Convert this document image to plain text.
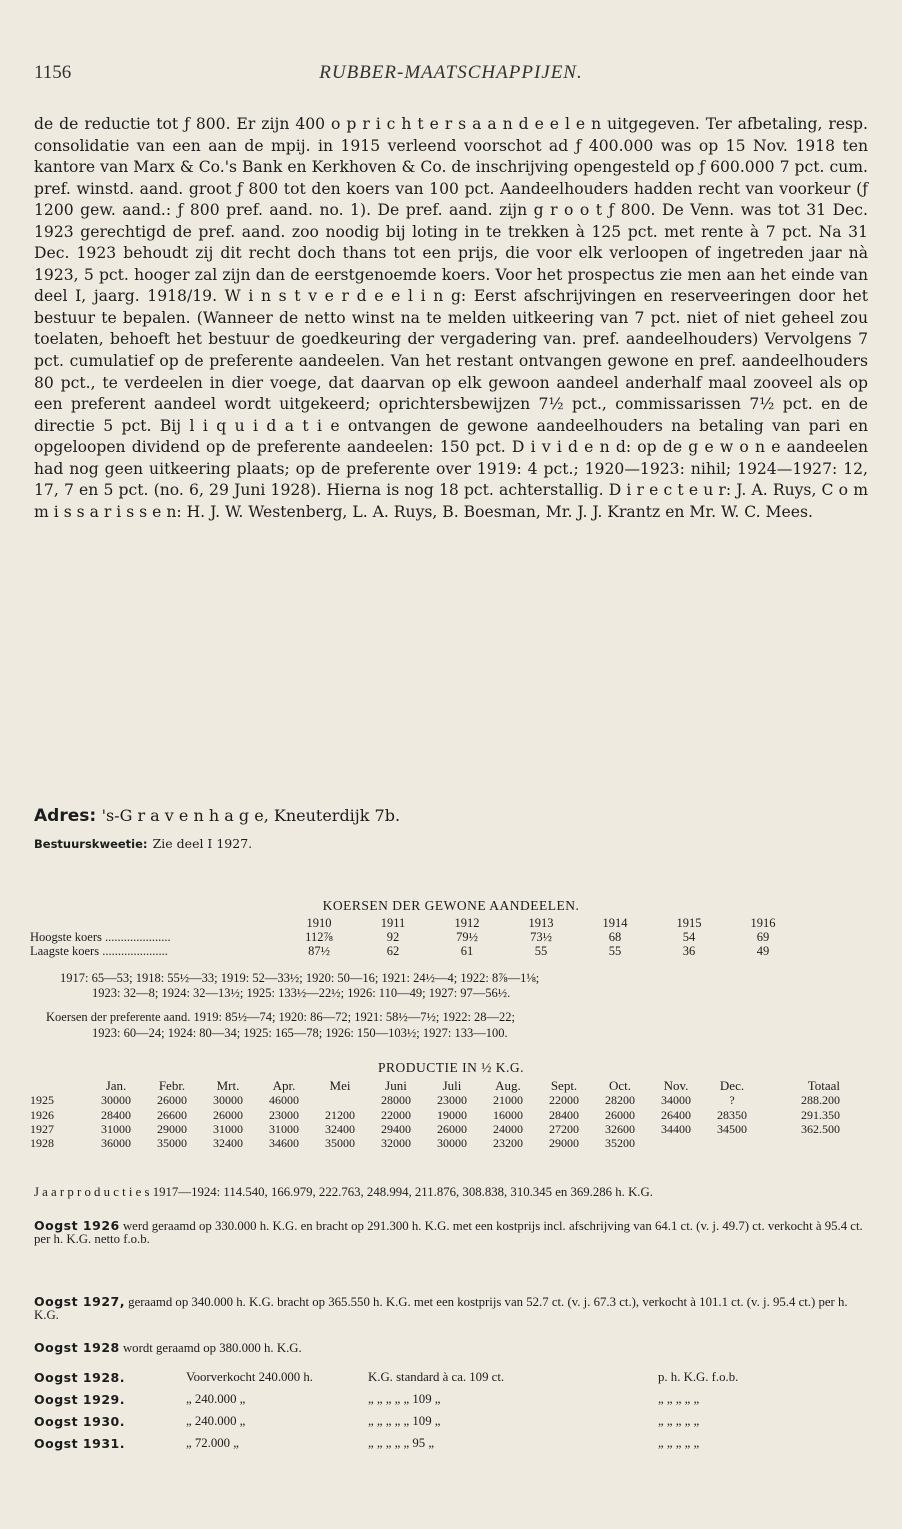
1156	RUBBER-MAATSCHAPPIJEN.
de de reductie tot ƒ 800. Er zijn 400 o p r i c h t e r s a a n d e e l e n uitgegeven. Ter afbetaling, resp. consolidatie van een aan de mpij. in 1915 verleend voorschot ad ƒ 400.000 was op 15 Nov. 1918 ten kantore van Marx & Co.'s Bank en Kerkhoven & Co. de inschrijving opengesteld op ƒ 600.000 7 pct. cum. pref. winstd. aand. groot ƒ 800 tot den koers van 100 pct. Aandeelhouders hadden recht van voorkeur (ƒ 1200 gew. aand.: ƒ 800 pref. aand. no. 1). De pref. aand. zijn g r o o t ƒ 800. De Venn. was tot 31 Dec. 1923 gerechtigd de pref. aand. zoo noodig bij loting in te trekken à 125 pct. met rente à 7 pct. Na 31 Dec. 1923 behoudt zij dit recht doch thans tot een prijs, die voor elk verloopen of ingetreden jaar nà 1923, 5 pct. hooger zal zijn dan de eerstgenoemde koers. Voor het prospectus zie men aan het einde van deel I, jaarg. 1918/19. W i n s t v e r d e e l i n g: Eerst afschrijvingen en reserveeringen door het bestuur te bepalen. (Wanneer de netto winst na te melden uitkeering van 7 pct. niet of niet geheel zou toelaten, behoeft het bestuur de goedkeuring der vergadering van. pref. aandeelhouders) Vervolgens 7 pct. cumulatief op de preferente aandeelen. Van het restant ontvangen gewone en pref. aandeelhouders 80 pct., te verdeelen in dier voege, dat daarvan op elk gewoon aandeel anderhalf maal zooveel als op een preferent aandeel wordt uitgekeerd; oprichtersbewijzen 7½ pct., commissarissen 7½ pct. en de directie 5 pct. Bij l i q u i d a t i e ontvangen de gewone aandeelhouders na betaling van pari en opgeloopen dividend op de preferente aandeelen: 150 pct. D i v i d e n d: op de g e w o n e aandeelen had nog geen uitkeering plaats; op de preferente over 1919: 4 pct.; 1920—1923: nihil; 1924—1927: 12, 17, 7 en 5 pct. (no. 6, 29 Juni 1928). Hierna is nog 18 pct. achterstallig. D i r e c t e u r: J. A. Ruys, C o m m i s s a r i s s e n: H. J. W. Westenberg, L. A. Ruys, B. Boesman, Mr. J. J. Krantz en Mr. W. C. Mees.
Adres: 's-G r a v e n h a g e, Kneuterdijk 7b.
Bestuurskweetie: Zie deel I 1927.
KOERSEN DER GEWONE AANDEELEN.
	1910	1911	1912	1913	1914	1915	1916
Hoogste koers .....................	112⅞	92	79½	73½	68	54	69
Laagste koers .....................	87½	62	61	55	55	36	49
1917: 65—53; 1918: 55½—33; 1919: 52—33½; 1920: 50—16; 1921: 24½—4; 1922: 8⅞—1⅛;
1923: 32—8; 1924: 32—13½; 1925: 133½—22½; 1926: 110—49; 1927: 97—56½.
Koersen der preferente aand. 1919: 85½—74; 1920: 86—72; 1921: 58½—7½; 1922: 28—22;
1923: 60—24; 1924: 80—34; 1925: 165—78; 1926: 150—103½; 1927: 133—100.
PRODUCTIE IN ½ K.G.
	Jan.	Febr.	Mrt.	Apr.	Mei	Juni	Juli	Aug.	Sept.	Oct.	Nov.	Dec.	Totaal
1925	30000	26000	30000	46000		28000	23000	21000	22000	28200	34000	?	288.200
1926	28400	26600	26000	23000	21200	22000	19000	16000	28400	26000	26400	28350	291.350
1927	31000	29000	31000	31000	32400	29400	26000	24000	27200	32600	34400	34500	362.500
1928	36000	35000	32400	34600	35000	32000	30000	23200	29000	35200			
J a a r p r o d u c t i e s 1917—1924: 114.540, 166.979, 222.763, 248.994, 211.876, 308.838, 310.345 en 369.286 h. K.G.
Oogst 1926 werd geraamd op 330.000 h. K.G. en bracht op 291.300 h. K.G. met een kostprijs incl. afschrijving van 64.1 ct. (v. j. 49.7) ct. verkocht à 95.4 ct. per h. K.G. netto f.o.b.
Oogst 1927, geraamd op 340.000 h. K.G. bracht op 365.550 h. K.G. met een kostprijs van 52.7 ct. (v. j. 67.3 ct.), verkocht à 101.1 ct. (v. j. 95.4 ct.) per h. K.G.
Oogst 1928 wordt geraamd op 380.000 h. K.G.
Oogst 1928.	Voorverkocht 240.000 h.	K.G. standard à ca. 109 ct.	p. h. K.G. f.o.b.
Oogst 1929.	„ 240.000 „	„ „ „ „ „ 109 „	„ „ „ „ „
Oogst 1930.	„ 240.000 „	„ „ „ „ „ 109 „	„ „ „ „ „
Oogst 1931.	„ 72.000 „	„ „ „ „ „ 95 „	„ „ „ „ „
